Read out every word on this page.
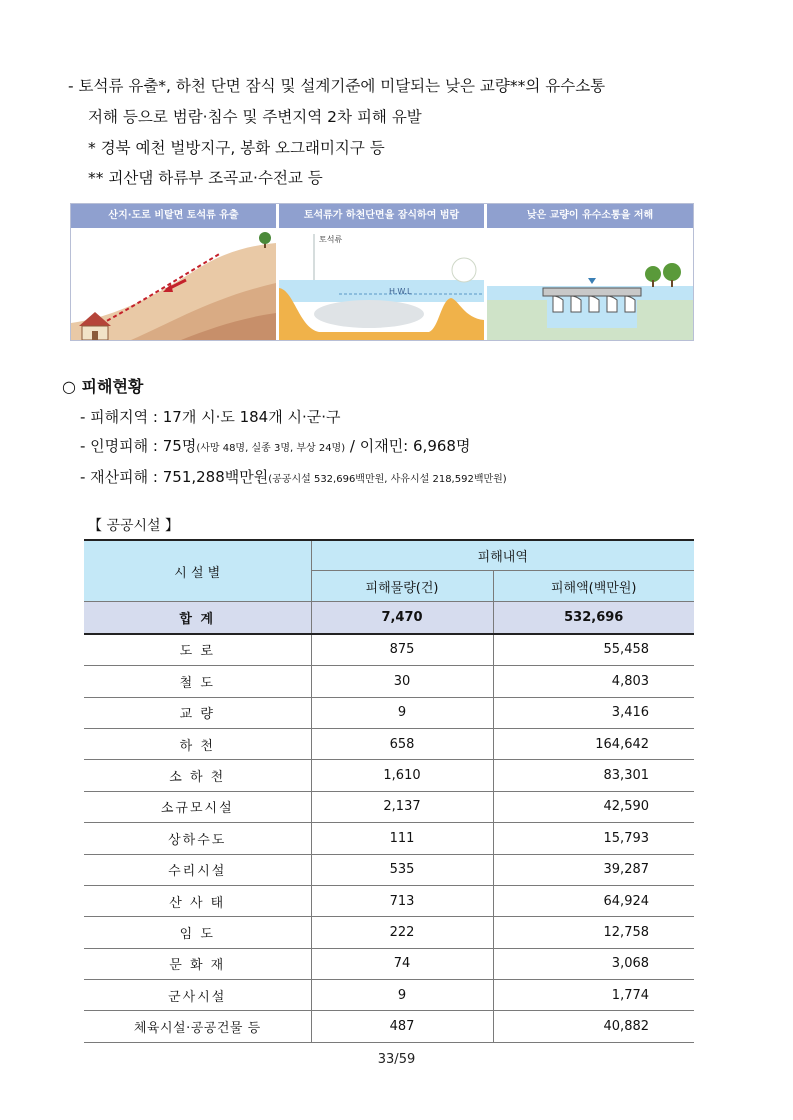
- 토석류 유출*, 하천 단면 잠식 및 설계기준에 미달되는 낮은 교량**의 유수소통
저해 등으로 범람·침수 및 주변지역 2차 피해 유발
* 경북 예천 벌방지구, 봉화 오그래미지구 등
** 괴산댐 하류부 조곡교·수전교 등
산지·도로 비탈면 토석류 유출	토석류가 하천단면을 잠식하여 범람
토석류
H.W.L
낮은 교량이 유수소통을 저해
○ 피해현황
- 피해지역 : 17개 시·도 184개 시·군·구
- 인명피해 : 75명(사망 48명, 실종 3명, 부상 24명) / 이재민: 6,968명
- 재산피해 : 751,288백만원(공공시설 532,696백만원, 사유시설 218,592백만원)
【 공공시설 】
시 설 별	피해내역	
	피해물량(건)	피해액(백만원)
합 계	7,470	532,696
도 로	875	55,458
철 도	30	4,803
교 량	9	3,416
하 천	658	164,642
소 하 천	1,610	83,301
소규모시설	2,137	42,590
상하수도	111	15,793
수리시설	535	39,287
산 사 태	713	64,924
임 도	222	12,758
문 화 재	74	3,068
군사시설	9	1,774
체육시설·공공건물 등	487	40,882
33/59
